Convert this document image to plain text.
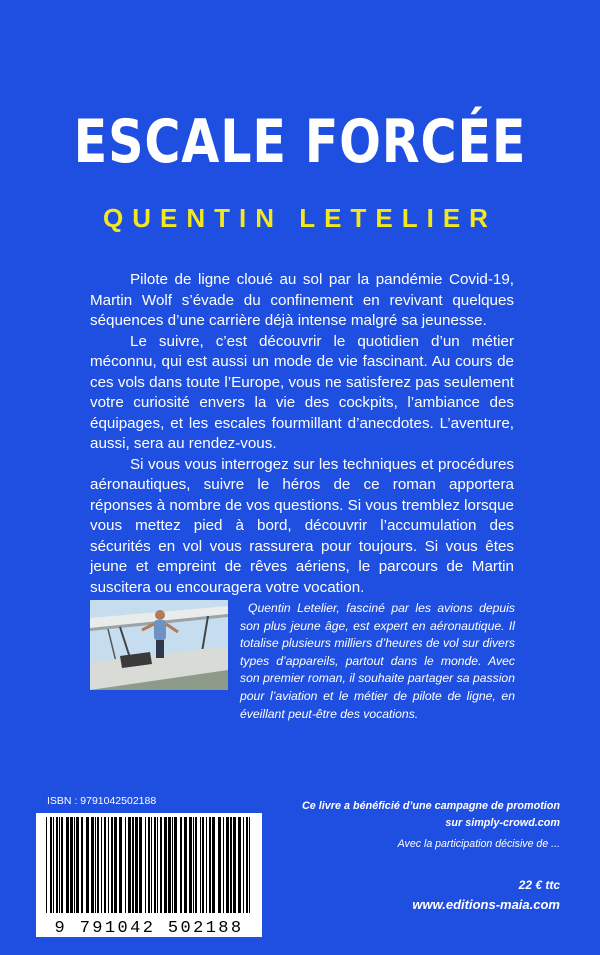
ESCALE FORCÉE
QUENTIN LETELIER

Pilote de ligne cloué au sol par la pandémie Covid-19, Martin Wolf s’évade du confinement en revivant quelques séquences d’une carrière déjà intense malgré sa jeunesse.

Le suivre, c’est découvrir le quotidien d’un métier méconnu, qui est aussi un mode de vie fascinant. Au cours de ces vols dans toute l’Europe, vous ne satisferez pas seulement votre curiosité envers la vie des cockpits, l’ambiance des équipages, et les escales fourmillant d’anecdotes. L’aventure, aussi, sera au rendez-vous.

Si vous vous interrogez sur les techniques et procédures aéronautiques, suivre le héros de ce roman apportera réponses à nombre de vos questions. Si vous tremblez lorsque vous mettez pied à bord, découvrir l’accumulation des sécurités en vol vous rassurera pour toujours. Si vous êtes jeune et empreint de rêves aériens, le parcours de Martin suscitera ou encouragera votre vocation.

Quentin Letelier, fasciné par les avions depuis son plus jeune âge, est expert en aéronautique. Il totalise plusieurs milliers d’heures de vol sur divers types d’appareils, partout dans le monde. Avec son premier roman, il souhaite partager sa passion pour l’aviation et le métier de pilote de ligne, en éveillant peut-être des vocations.
ISBN : 9791042502188
9 791042 502188
Ce livre a bénéficié d’une campagne de promotion sur simply-crowd.com
Avec la participation décisive de ...
22 € ttc
www.editions-maia.com
